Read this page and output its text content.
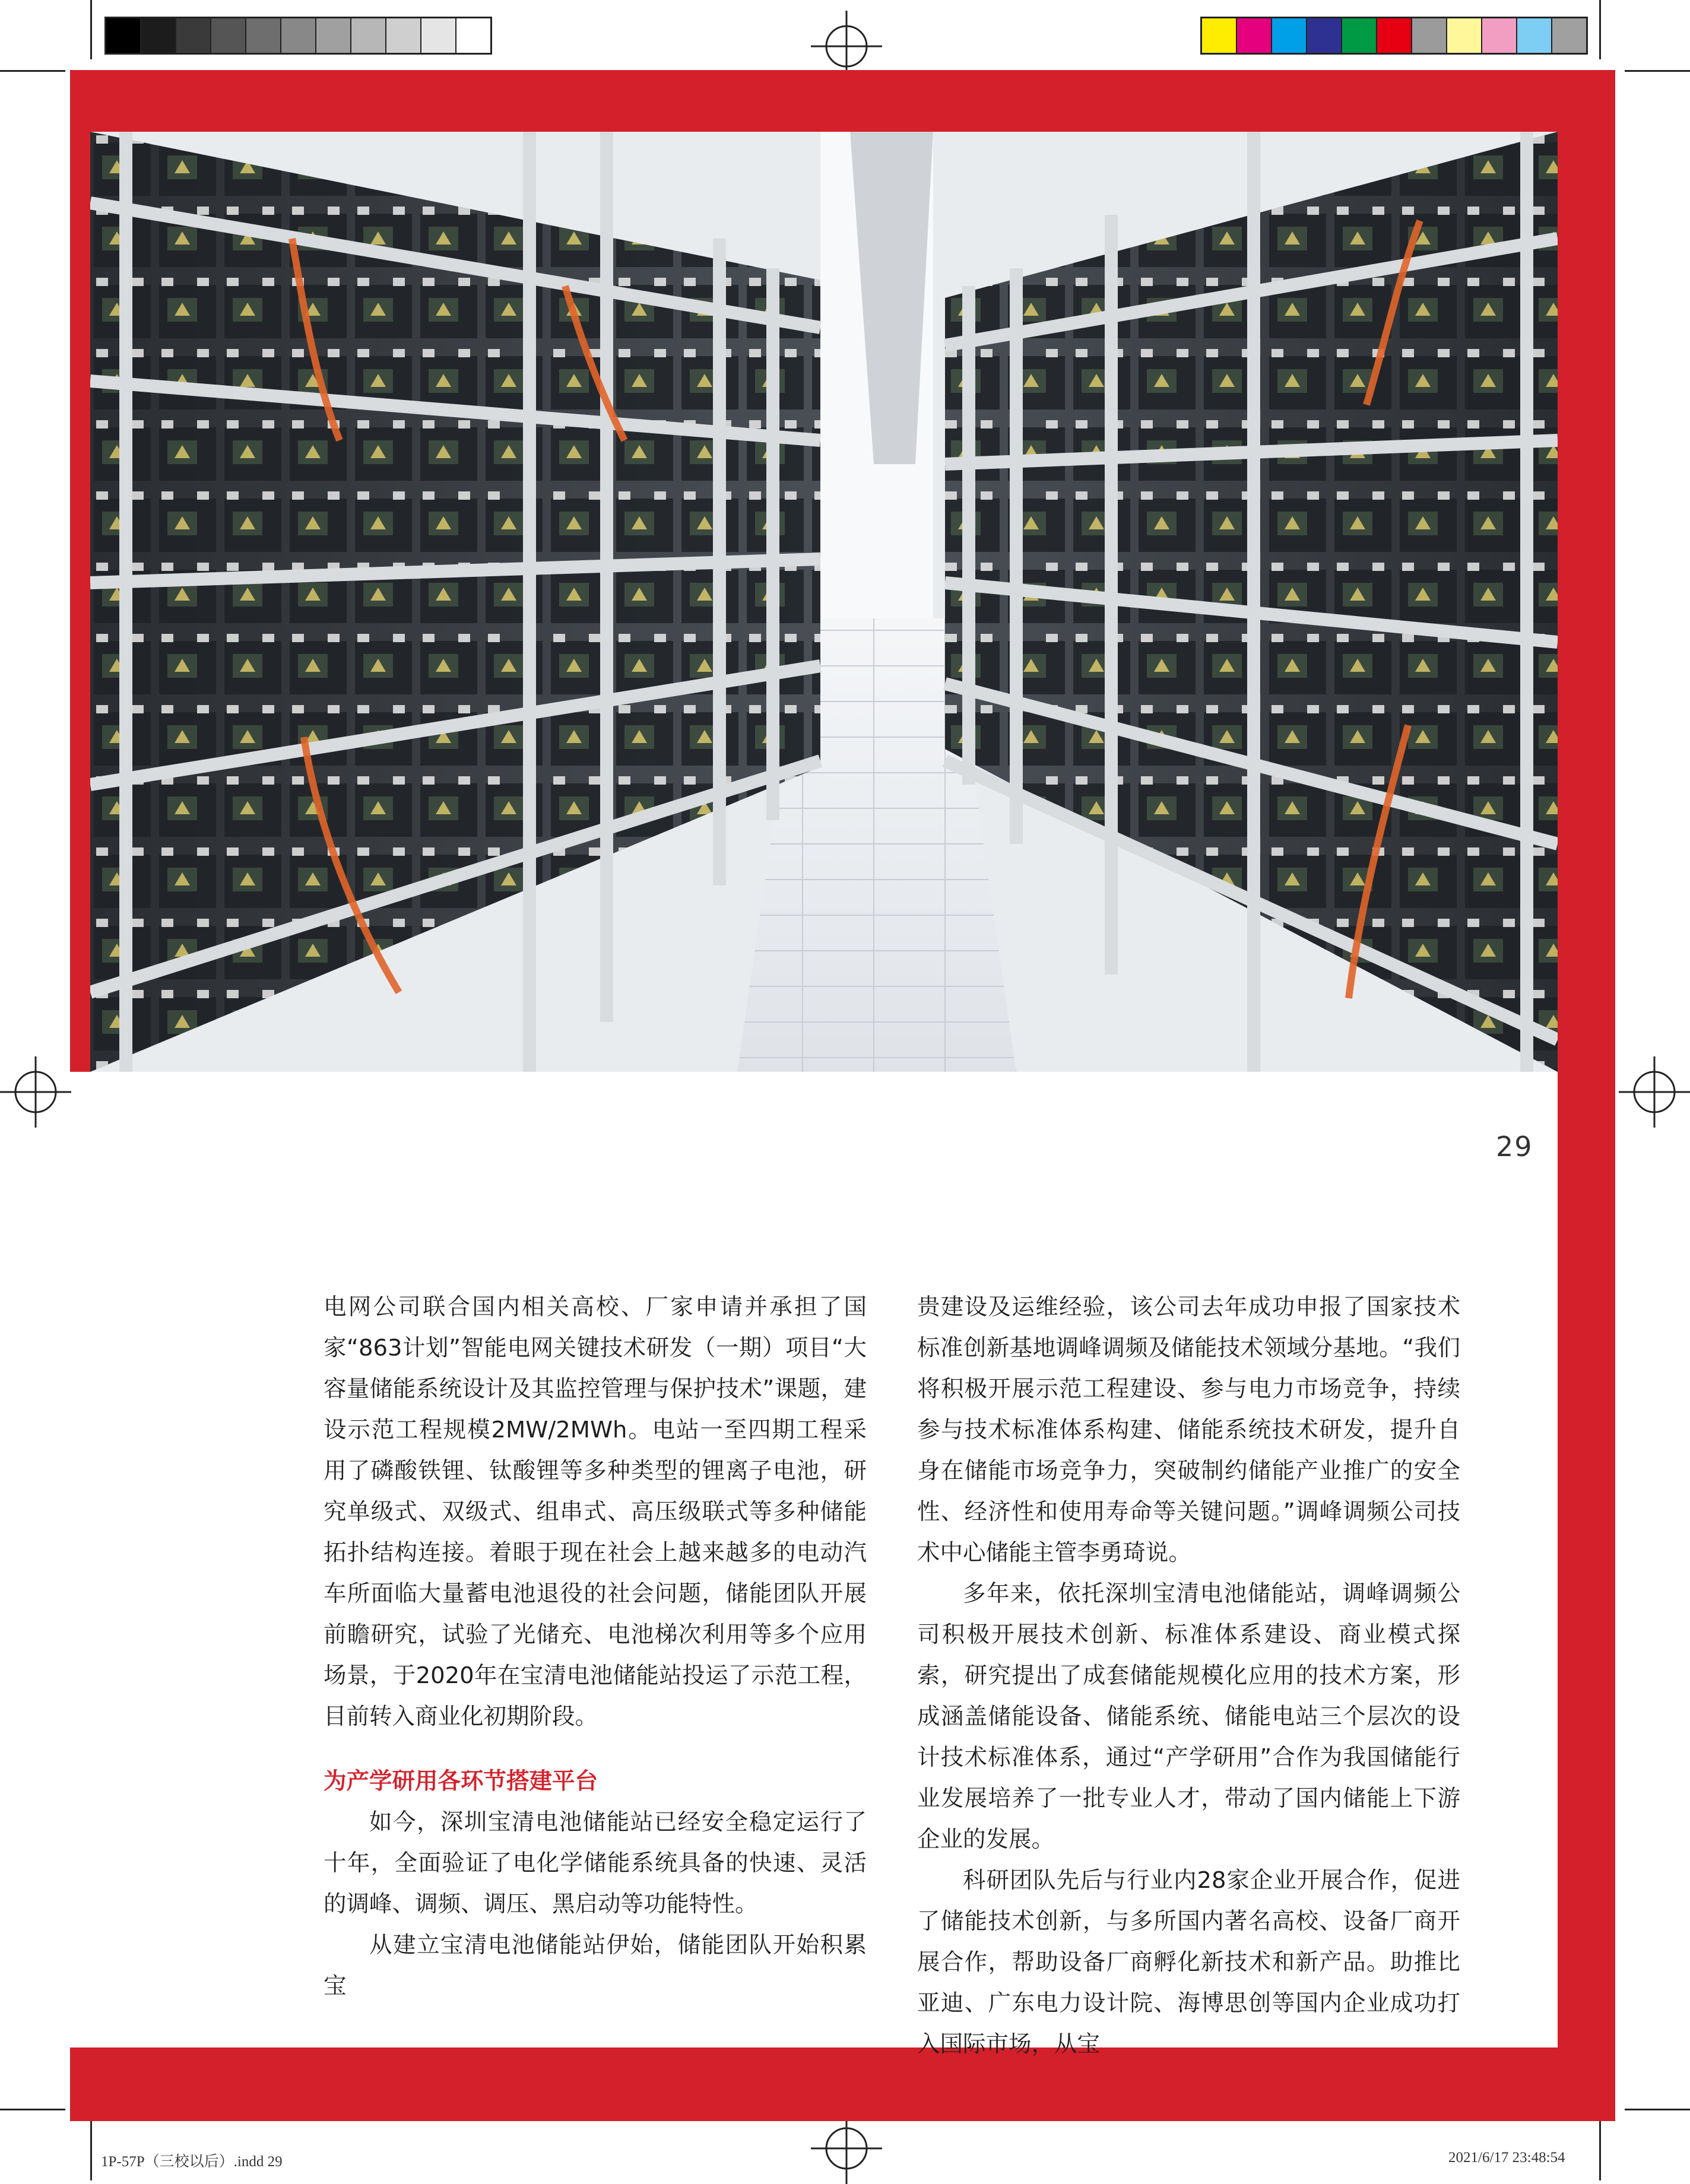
29

电网公司联合国内相关高校、厂家申请并承担了国家“863计划”智能电网关键技术研发（一期）项目“大容量储能系统设计及其监控管理与保护技术”课题，建设示范工程规模2MW/2MWh。电站一至四期工程采用了磷酸铁锂、钛酸锂等多种类型的锂离子电池，研究单级式、双级式、组串式、高压级联式等多种储能拓扑结构连接。着眼于现在社会上越来越多的电动汽车所面临大量蓄电池退役的社会问题，储能团队开展前瞻研究，试验了光储充、电池梯次利用等多个应用场景，于2020年在宝清电池储能站投运了示范工程，目前转入商业化初期阶段。

为产学研用各环节搭建平台

如今，深圳宝清电池储能站已经安全稳定运行了十年，全面验证了电化学储能系统具备的快速、灵活的调峰、调频、调压、黑启动等功能特性。

从建立宝清电池储能站伊始，储能团队开始积累宝

贵建设及运维经验，该公司去年成功申报了国家技术标准创新基地调峰调频及储能技术领域分基地。“我们将积极开展示范工程建设、参与电力市场竞争，持续参与技术标准体系构建、储能系统技术研发，提升自身在储能市场竞争力，突破制约储能产业推广的安全性、经济性和使用寿命等关键问题。”调峰调频公司技术中心储能主管李勇琦说。

多年来，依托深圳宝清电池储能站，调峰调频公司积极开展技术创新、标准体系建设、商业模式探索，研究提出了成套储能规模化应用的技术方案，形成涵盖储能设备、储能系统、储能电站三个层次的设计技术标准体系，通过“产学研用”合作为我国储能行业发展培养了一批专业人才，带动了国内储能上下游企业的发展。

科研团队先后与行业内28家企业开展合作，促进了储能技术创新，与多所国内著名高校、设备厂商开展合作，帮助设备厂商孵化新技术和新产品。助推比亚迪、广东电力设计院、海博思创等国内企业成功打入国际市场，从宝

1P-57P（三校以后）.indd 29	2021/6/17 23:48:54
